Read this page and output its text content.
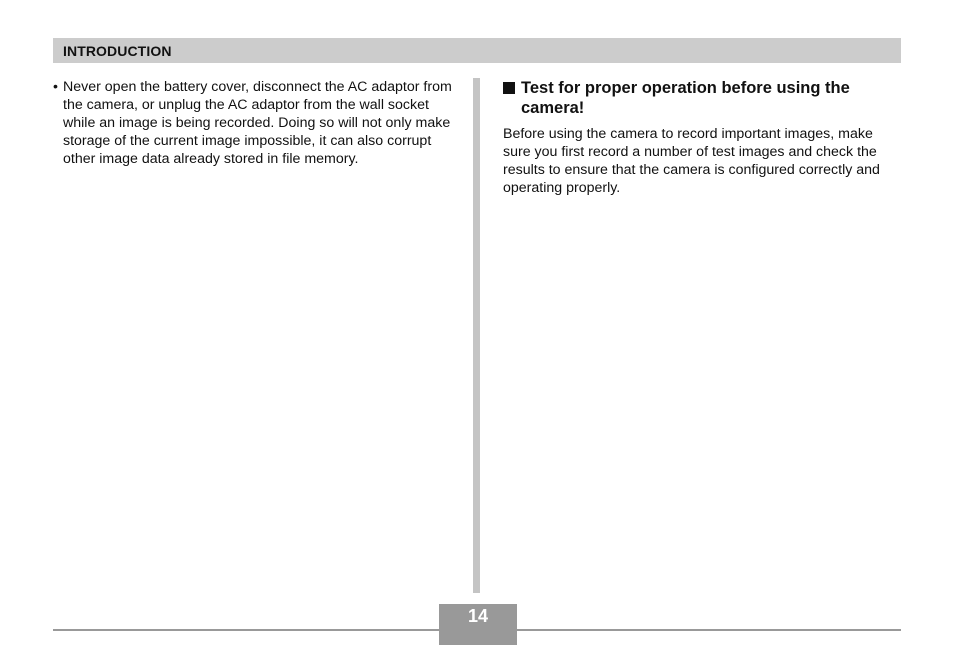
INTRODUCTION
• Never open the battery cover, disconnect the AC adaptor from the camera, or unplug the AC adaptor from the wall socket while an image is being recorded. Doing so will not only make storage of the current image impossible, it can also corrupt other image data already stored in file memory.
Test for proper operation before using the camera!
Before using the camera to record important images, make sure you first record a number of test images and check the results to ensure that the camera is configured correctly and operating properly.
14
